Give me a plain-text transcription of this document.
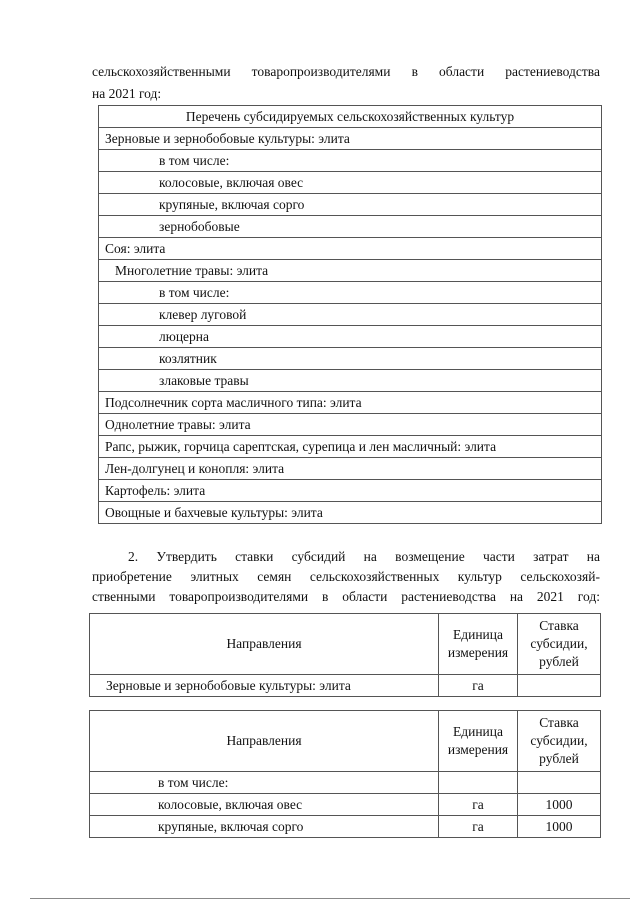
сельскохозяйственными товаропроизводителями в области растениеводства
на 2021 год:
Перечень субсидируемых сельскохозяйственных культур
Зерновые и зернобобовые культуры: элита
в том числе:
колосовые, включая овес
крупяные, включая сорго
зернобобовые
Соя: элита
Многолетние травы: элита
в том числе:
клевер луговой
люцерна
козлятник
злаковые травы
Подсолнечник сорта масличного типа: элита
Однолетние травы: элита
Рапс, рыжик, горчица сарептская, сурепица и лен масличный: элита
Лен-долгунец и конопля: элита
Картофель: элита
Овощные и бахчевые культуры: элита
2. Утвердить ставки субсидий на возмещение части затрат на
приобретение элитных семян сельскохозяйственных культур сельскохозяй-
ственными товаропроизводителями в области растениеводства на 2021 год:
Направления	Единица измерения	Ставка субсидии, рублей
Зерновые и зернобобовые культуры: элита	га	
Направления	Единица измерения	Ставка субсидии, рублей
в том числе:		
колосовые, включая овес	га	1000
крупяные, включая сорго	га	1000
